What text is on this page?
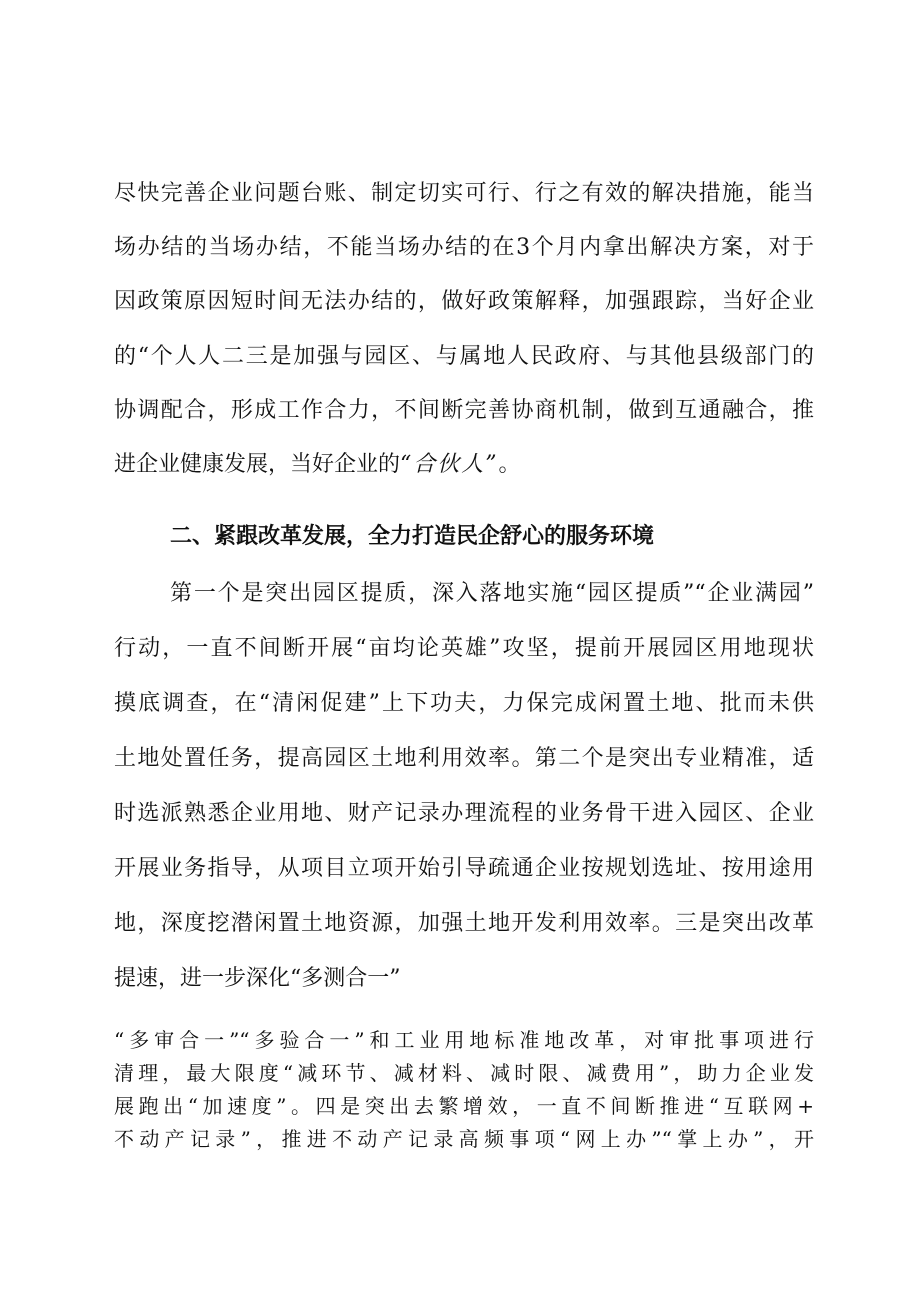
尽快完善企业问题台账、制定切实可行、行之有效的解决措施，能当
场办结的当场办结，不能当场办结的在3个月内拿出解决方案，对于
因政策原因短时间无法办结的，做好政策解释，加强跟踪，当好企业
的“个人人二三是加强与园区、与属地人民政府、与其他县级部门的
协调配合，形成工作合力，不间断完善协商机制，做到互通融合，推
进企业健康发展，当好企业的“合伙人”。
二、紧跟改革发展，全力打造民企舒心的服务环境
第一个是突出园区提质，深入落地实施“园区提质”“企业满园”
行动，一直不间断开展“亩均论英雄”攻坚，提前开展园区用地现状
摸底调查，在“清闲促建”上下功夫，力保完成闲置土地、批而未供
土地处置任务，提高园区土地利用效率。第二个是突出专业精准，适
时选派熟悉企业用地、财产记录办理流程的业务骨干进入园区、企业
开展业务指导，从项目立项开始引导疏通企业按规划选址、按用途用
地，深度挖潜闲置土地资源，加强土地开发利用效率。三是突出改革
提速，进一步深化“多测合一”
“多审合一”“多验合一”和工业用地标准地改革，对审批事项进行
清理，最大限度“减环节、减材料、减时限、减费用”，助力企业发
展跑出“加速度”。四是突出去繁增效，一直不间断推进“互联网+
不动产记录”，推进不动产记录高频事项“网上办”“掌上办”，开
